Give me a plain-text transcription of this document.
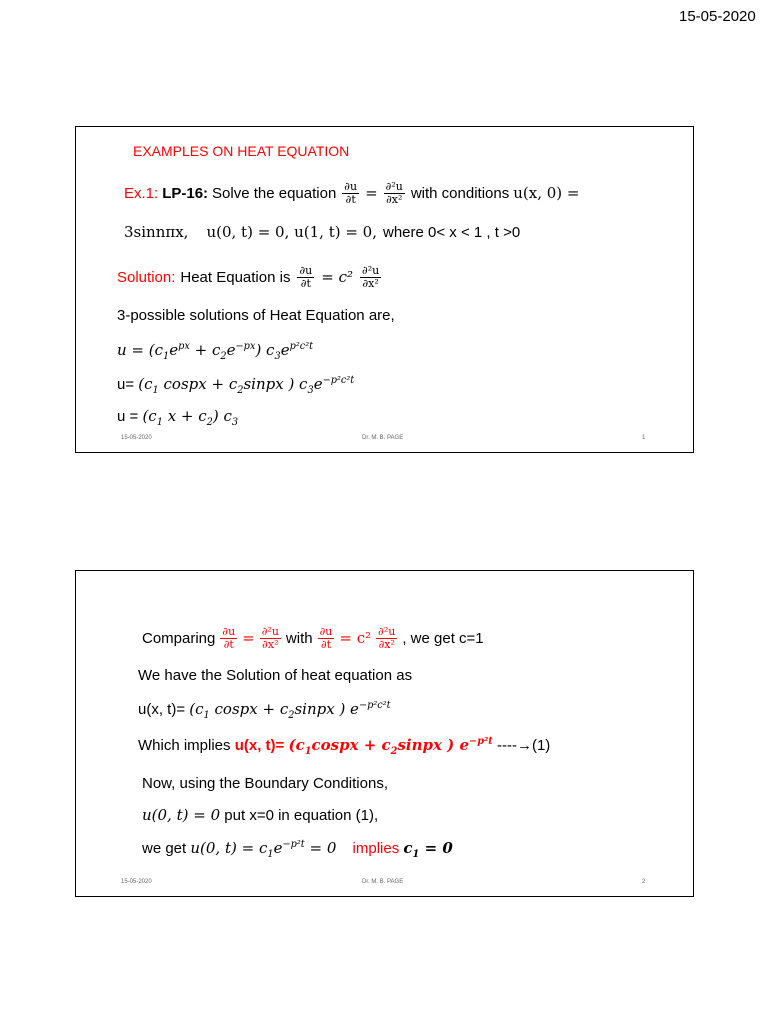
15-05-2020
EXAMPLES ON HEAT EQUATION
Ex.1: LP-16: Solve the equation $\frac{\partial u}{\partial t} = \frac{\text{∂²u}}{\text{∂x²}}$ with conditions u(x, 0) =
3sinnπx, u(0, t) = 0, u(1, t) = 0, where 0< x < 1 , t >0
Solution: Heat Equation is $\frac{\partial u}{\partial t} = c^2 \frac{\text{∂²u}}{\text{∂x²}}$
3-possible solutions of Heat Equation are,
$u = (c_1e^{px} + c_2e^{-px})$ $c_3e^{p^2c^2t}$
$u= (c_1$ cospx + $c_2sinpx$ ) $c_3e^{-p^2c^2t}$
$u = (c_1$ $x + c_2$) $c_3$
15-05-2020	Dr. M. B. PAGE	1
Comparing $\frac{\partial u}{\partial t} = \frac{\text{∂²u}}{\text{∂x²}}$ with $\frac{\partial u}{\partial t} = c^2 \frac{\text{∂²u}}{\text{∂x²}}$ , we get c=1
We have the Solution of heat equation as
u(x, $t)= (c_1$ cospx + $c_2sinpx$ ) $e^{-p^2c^2t}$
Which implies u(x, $t)= (c_1cospx$ + $c_2sinpx$ ) $e^{-p^2t}$ ----→(1)
Now, using the Boundary Conditions,
u(0, t) = 0 put x=0 in equation (1),
we get u(0, $t) = c_1e^{-p^2t} = 0$ implies $c_1 = 0$
15-05-2020	Dr. M. B. PAGE	2
